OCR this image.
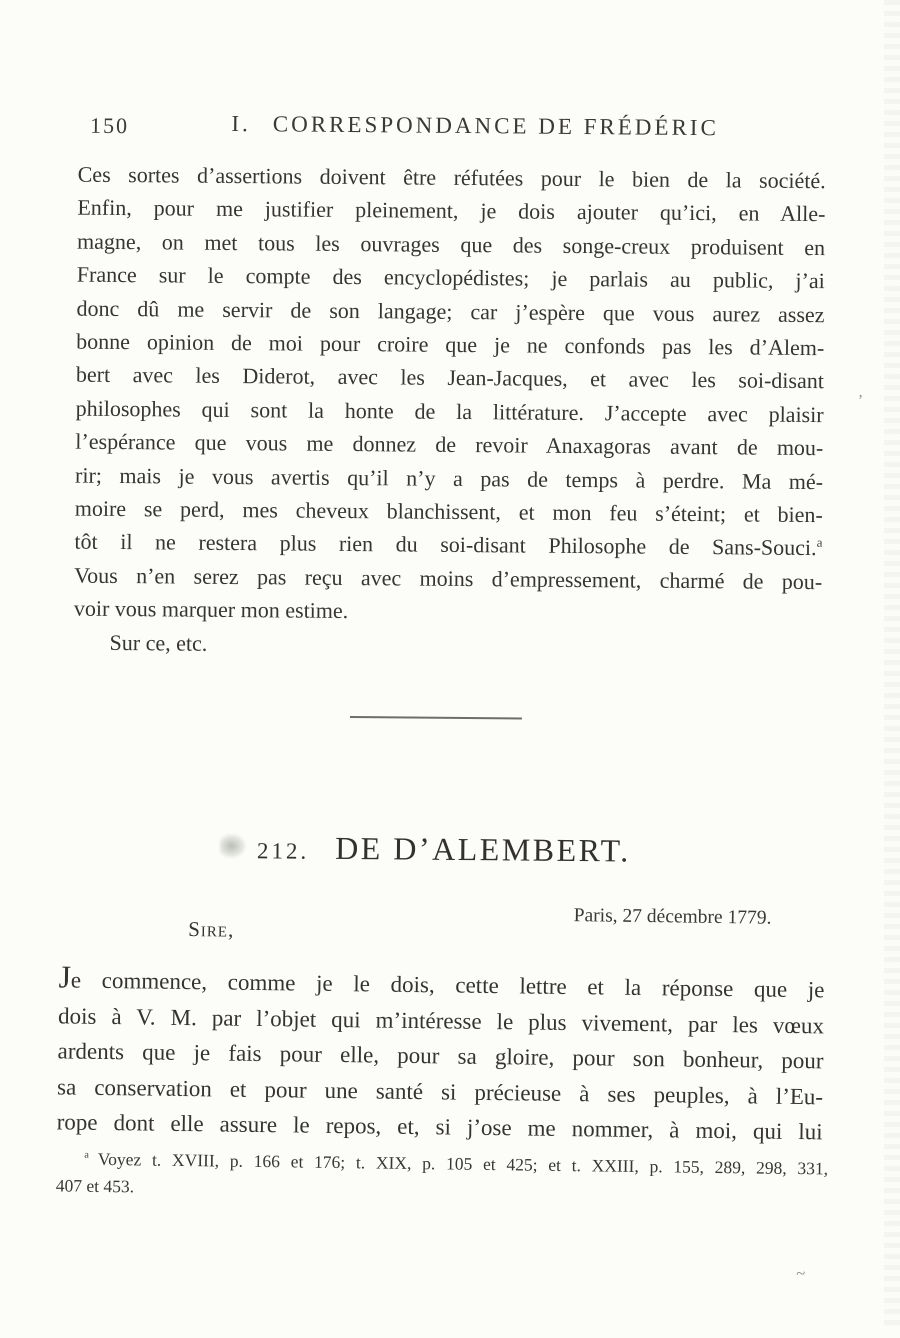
150	I. CORRESPONDANCE DE FRÉDÉRIC
Ces sortes d’assertions doivent être réfutées pour le bien de la société.
Enfin, pour me justifier pleinement, je dois ajouter qu’ici, en Alle-
magne, on met tous les ouvrages que des songe-creux produisent en
France sur le compte des encyclopédistes; je parlais au public, j’ai
donc dû me servir de son langage; car j’espère que vous aurez assez
bonne opinion de moi pour croire que je ne confonds pas les d’Alem-
bert avec les Diderot, avec les Jean-Jacques, et avec les soi-disant
philosophes qui sont la honte de la littérature. J’accepte avec plaisir
l’espérance que vous me donnez de revoir Anaxagoras avant de mou-
rir; mais je vous avertis qu’il n’y a pas de temps à perdre. Ma mé-
moire se perd, mes cheveux blanchissent, et mon feu s’éteint; et bien-
tôt il ne restera plus rien du soi-disant Philosophe de Sans-Souci.$^a$
Vous n’en serez pas reçu avec moins d’empressement, charmé de pou-
voir vous marquer mon estime.
Sur ce, etc.
212. DE D’ALEMBERT.
Paris, 27 décembre 1779.
Sire,
Je commence, comme je le dois, cette lettre et la réponse que je
dois à V. M. par l’objet qui m’intéresse le plus vivement, par les vœux
ardents que je fais pour elle, pour sa gloire, pour son bonheur, pour
sa conservation et pour une santé si précieuse à ses peuples, à l’Eu-
rope dont elle assure le repos, et, si j’ose me nommer, à moi, qui lui
$^a$ Voyez t. XVIII, p. 166 et 176; t. XIX, p. 105 et 425; et t. XXIII, p. 155, 289, 298, 331,
407 et 453.
,
~
